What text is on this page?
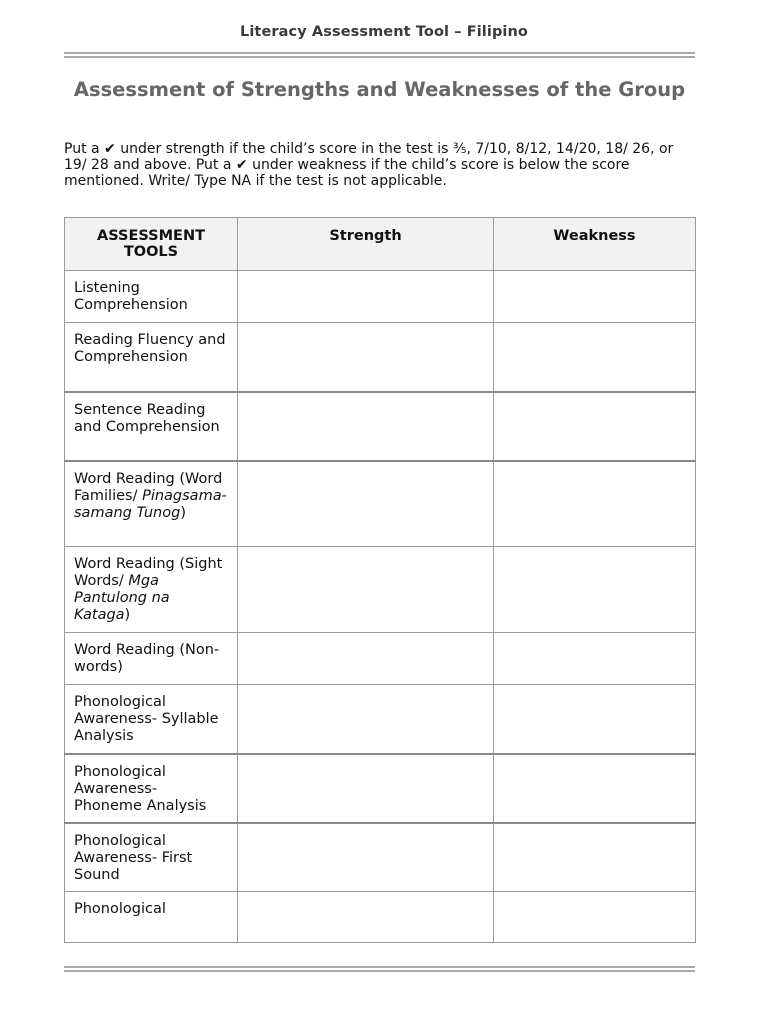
Literacy Assessment Tool – Filipino
Assessment of Strengths and Weaknesses of the Group
Put a ✔ under strength if the child’s score in the test is ⅗, 7/10, 8/12, 14/20, 18/ 26, or 19/ 28 and above. Put a ✔ under weakness if the child’s score is below the score mentioned. Write/ Type NA if the test is not applicable.
ASSESSMENT TOOLS	Strength	Weakness
Listening Comprehension		
Reading Fluency and Comprehension		
Sentence Reading and Comprehension		
Word Reading (Word Families/ Pinagsama-samang Tunog)		
Word Reading (Sight Words/ Mga Pantulong na Kataga)		
Word Reading (Non-words)		
Phonological Awareness- Syllable Analysis		
Phonological Awareness- Phoneme Analysis		
Phonological Awareness- First Sound		
Phonological		
